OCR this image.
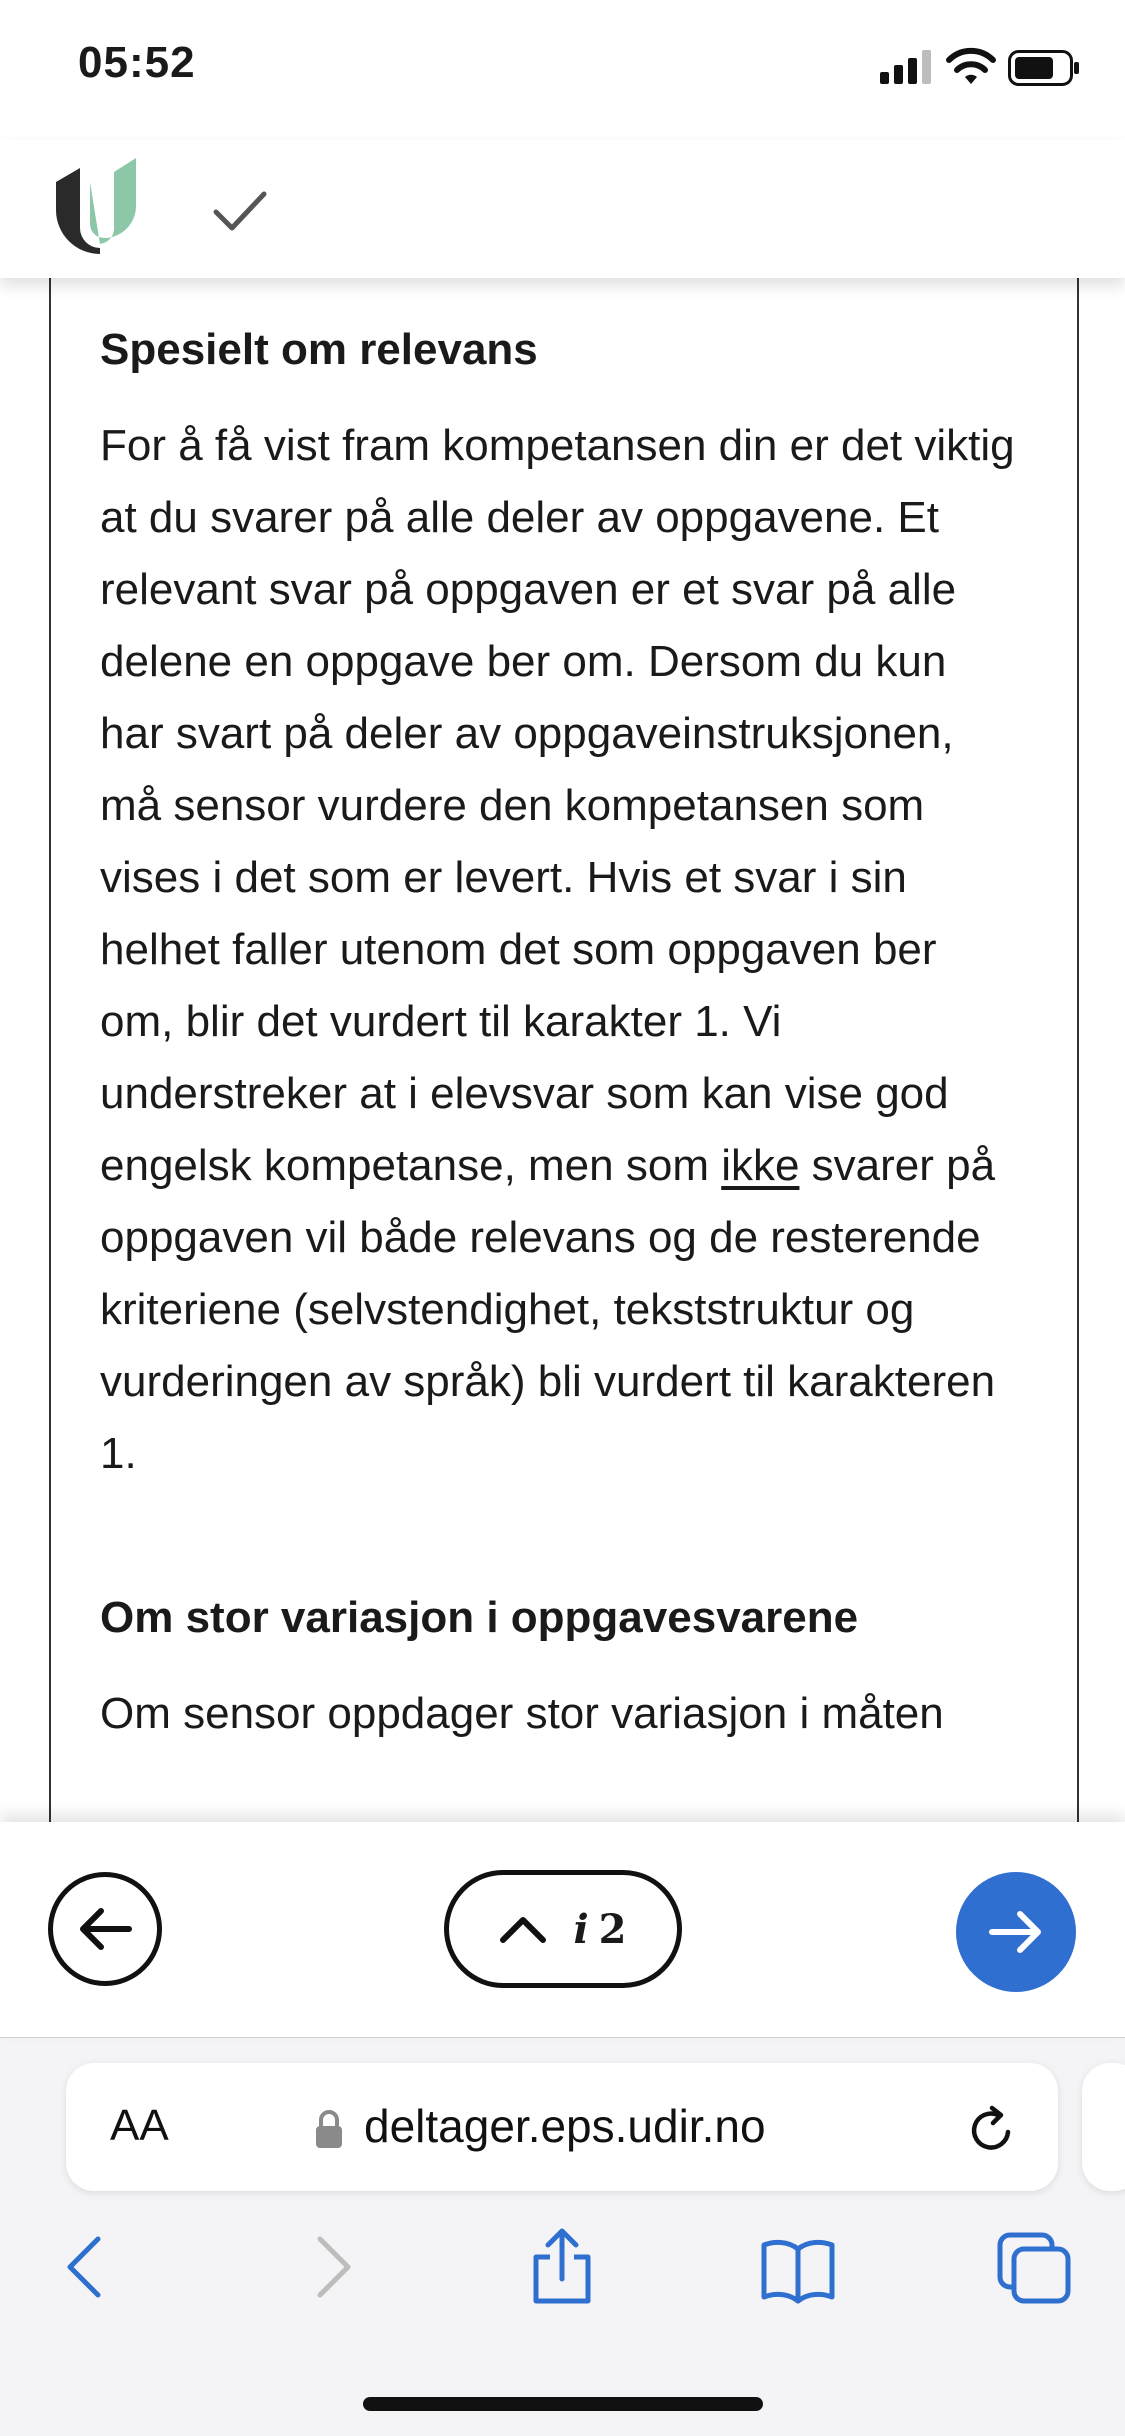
05:52
Spesielt om relevans

For å få vist fram kompetansen din er det viktig at du svarer på alle deler av oppgavene. Et relevant svar på oppgaven er et svar på alle delene en oppgave ber om. Dersom du kun har svart på deler av oppgaveinstruksjonen, må sensor vurdere den kompetansen som vises i det som er levert. Hvis et svar i sin helhet faller utenom det som oppgaven ber om, blir det vurdert til karakter 1. Vi understreker at i elevsvar som kan vise god engelsk kompetanse, men som ikke svarer på oppgaven vil både relevans og de resterende kriteriene (selvstendighet, tekststruktur og vurderingen av språk) bli vurdert til karakteren 1.

Om stor variasjon i oppgavesvarene

Om sensor oppdager stor variasjon i måten

i 2
AA	deltager.eps.udir.no
